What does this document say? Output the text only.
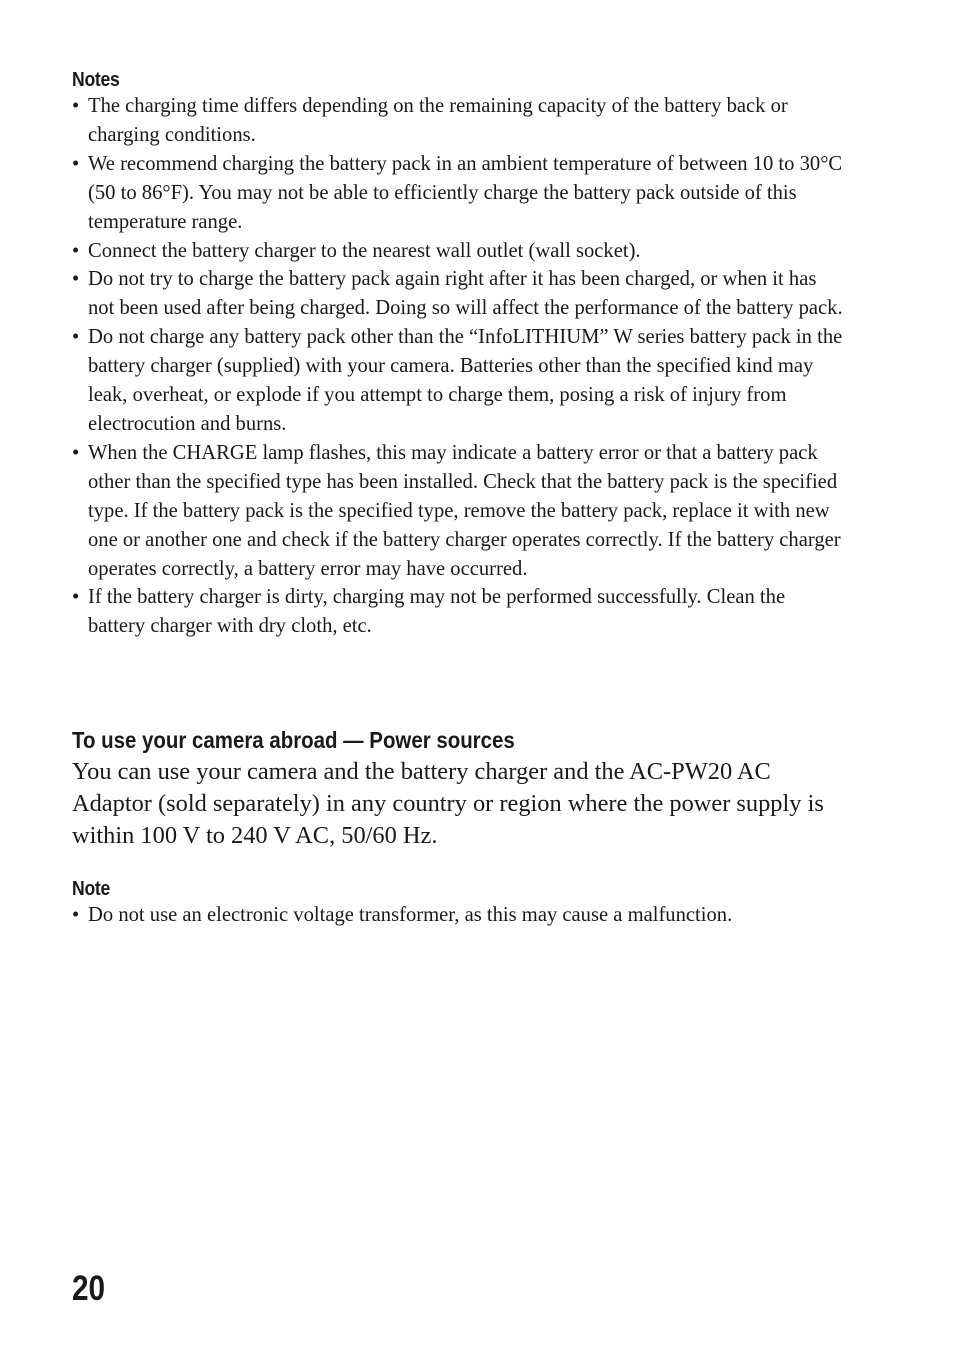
Notes
• The charging time differs depending on the remaining capacity of the battery back or charging conditions.
• We recommend charging the battery pack in an ambient temperature of between 10 to 30°C (50 to 86°F). You may not be able to efficiently charge the battery pack outside of this temperature range.
• Connect the battery charger to the nearest wall outlet (wall socket).
• Do not try to charge the battery pack again right after it has been charged, or when it has not been used after being charged. Doing so will affect the performance of the battery pack.
• Do not charge any battery pack other than the “InfoLITHIUM” W series battery pack in the battery charger (supplied) with your camera. Batteries other than the specified kind may leak, overheat, or explode if you attempt to charge them, posing a risk of injury from electrocution and burns.
• When the CHARGE lamp flashes, this may indicate a battery error or that a battery pack other than the specified type has been installed. Check that the battery pack is the specified type. If the battery pack is the specified type, remove the battery pack, replace it with new one or another one and check if the battery charger operates correctly. If the battery charger operates correctly, a battery error may have occurred.
• If the battery charger is dirty, charging may not be performed successfully. Clean the battery charger with dry cloth, etc.
To use your camera abroad — Power sources

You can use your camera and the battery charger and the AC-PW20 AC Adaptor (sold separately) in any country or region where the power supply is within 100 V to 240 V AC, 50/60 Hz.

Note
• Do not use an electronic voltage transformer, as this may cause a malfunction.
20
